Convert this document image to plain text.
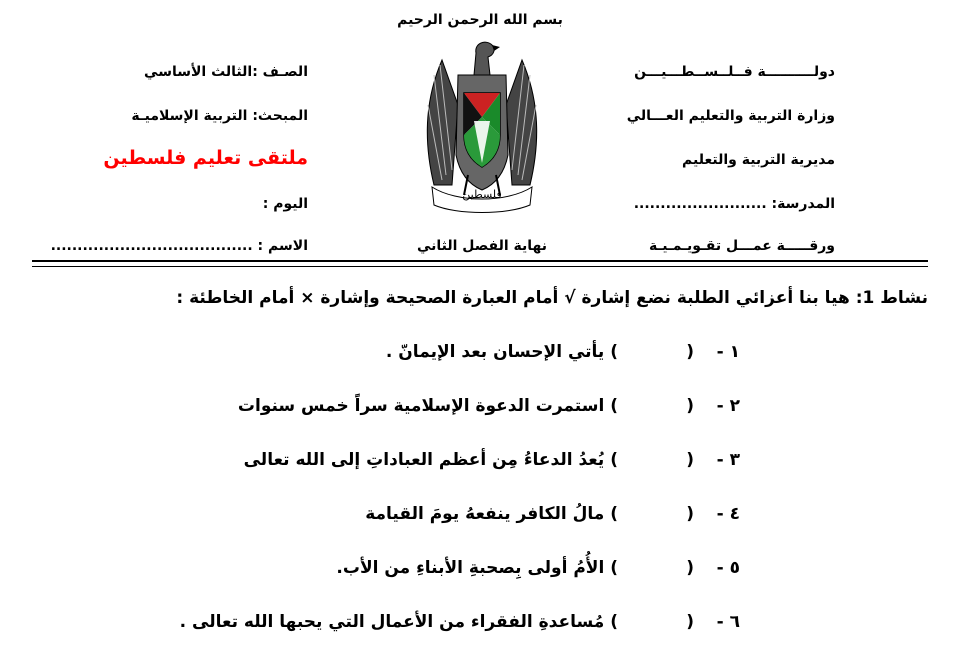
بسم الله الرحمن الرحيم
دولــــــــــة فــلــســطـــيـــن
وزارة التربية والتعليم العـــالي
مديرية التربية والتعليم
المدرسة: .........................
ورقـــــة عمـــل تقـويـمـيـة
الصـف :الثالث الأساسي
المبحث: التربية الإسلاميـة
ملتقى تعليم فلسطين
اليوم :
الاسم : ......................................	نهاية الفصل الثاني
فلسطين
نشاط 1: هيا بنا أعزائي الطلبة نضع إشارة √ أمام العبارة الصحيحة وإشارة × أمام الخاطئة :
١ -() يأتي الإحسان بعد الإيمانّ .
٢ -() استمرت الدعوة الإسلامية سراً خمس سنوات
٣ -() يُعدُ الدعاءُ مِن أعظم العباداتِ إلى الله تعالى
٤ -() مالُ الكافر ينفعهُ يومَ القيامة
٥ -() الأُمُ أولى بِصحبةِ الأبناءِ من الأب.
٦ -() مُساعدةِ الفقراء من الأعمال التي يحبها الله تعالى .
